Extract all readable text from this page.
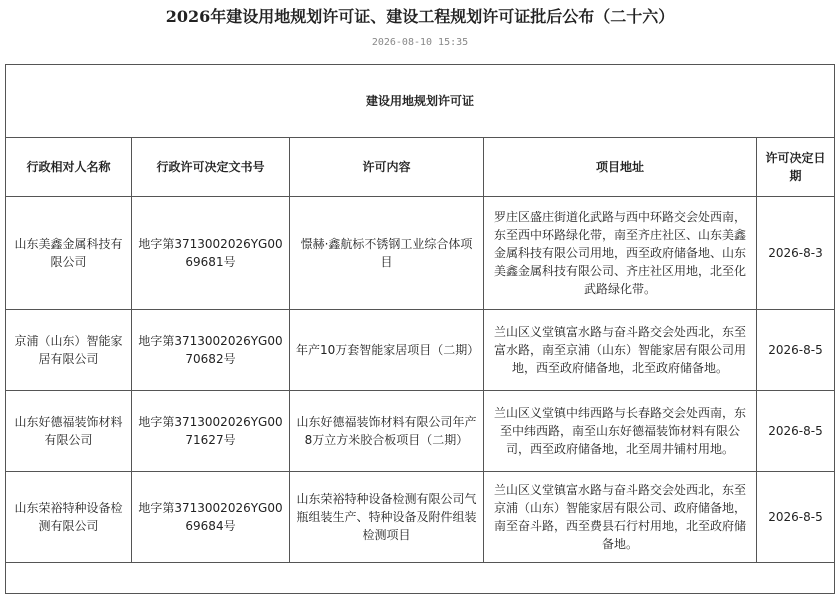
2026年建设用地规划许可证、建设工程规划许可证批后公布（二十六）
2026-08-10 15:35
建设用地规划许可证				
行政相对人名称	行政许可决定文书号	许可内容	项目地址	许可决定日期
山东美鑫金属科技有限公司	地字第3713002026YG0069681号	憬赫·鑫航标不锈钢工业综合体项目	罗庄区盛庄街道化武路与西中环路交会处西南，东至西中环路绿化带，南至齐庄社区、山东美鑫金属科技有限公司用地，西至政府储备地、山东美鑫金属科技有限公司、齐庄社区用地，北至化武路绿化带。	2026-8-3
京浦（山东）智能家居有限公司	地字第3713002026YG0070682号	年产10万套智能家居项目（二期）	兰山区义堂镇富水路与奋斗路交会处西北，东至富水路，南至京浦（山东）智能家居有限公司用地，西至政府储备地，北至政府储备地。	2026-8-5
山东好德福装饰材料有限公司	地字第3713002026YG0071627号	山东好德福装饰材料有限公司年产8万立方米胶合板项目（二期）	兰山区义堂镇中纬西路与长春路交会处西南，东至中纬西路，南至山东好德福装饰材料有限公司，西至政府储备地，北至周井铺村用地。	2026-8-5
山东荣裕特种设备检测有限公司	地字第3713002026YG0069684号	山东荣裕特种设备检测有限公司气瓶组装生产、特种设备及附件组装检测项目	兰山区义堂镇富水路与奋斗路交会处西北，东至京浦（山东）智能家居有限公司、政府储备地，南至奋斗路，西至费县石行村用地，北至政府储备地。	2026-8-5
